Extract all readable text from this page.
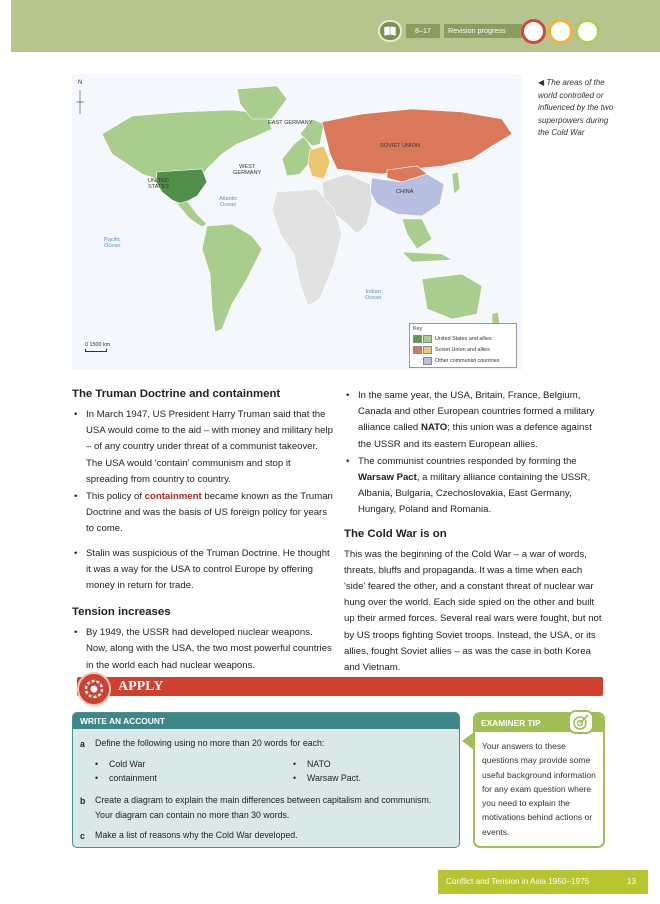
8–17	Revision progress
N
EAST GERMANY
SOVIET UNION
WEST
GERMANY
UNITED
STATES
CHINA
Atlantic
Ocean
Pacific
Ocean
Indian
Ocean
0 1500 km
Key
United States and allies
Soviet Union and allies
Other communist countries
◀ The areas of the world controlled or influenced by the two superpowers during the Cold War
The Truman Doctrine and containment
• In March 1947, US President Harry Truman said that the USA would come to the aid – with money and military help – of any country under threat of a communist takeover. The USA would 'contain' communism and stop it spreading from country to country.
• This policy of containment became known as the Truman Doctrine and was the basis of US foreign policy for years to come.
• Stalin was suspicious of the Truman Doctrine. He thought it was a way for the USA to control Europe by offering money in return for trade.
Tension increases
• By 1949, the USSR had developed nuclear weapons. Now, along with the USA, the two most powerful countries in the world each had nuclear weapons.
• In the same year, the USA, Britain, France, Belgium, Canada and other European countries formed a military alliance called NATO; this union was a defence against the USSR and its eastern European allies.
• The communist countries responded by forming the Warsaw Pact, a military alliance containing the USSR, Albania, Bulgaria, Czechoslovakia, East Germany, Hungary, Poland and Romania.
The Cold War is on
This was the beginning of the Cold War – a war of words, threats, bluffs and propaganda. It was a time when each 'side' feared the other, and a constant threat of nuclear war hung over the world. Each side spied on the other and built up their armed forces. Several real wars were fought, but not by US troops fighting Soviet troops. Instead, the USA, or its allies, fought Soviet allies – as was the case in both Korea and Vietnam.
APPLY
WRITE AN ACCOUNT
a Define the following using no more than 20 words for each:
• Cold War	• NATO
• containment	• Warsaw Pact.
b Create a diagram to explain the main differences between capitalism and communism. Your diagram can contain no more than 30 words.
c Make a list of reasons why the Cold War developed.
EXAMINER TIP
Your answers to these questions may provide some useful background information for any exam question where you need to explain the motivations behind actions or events.
Conflict and Tension in Asia 1950–1975	13
